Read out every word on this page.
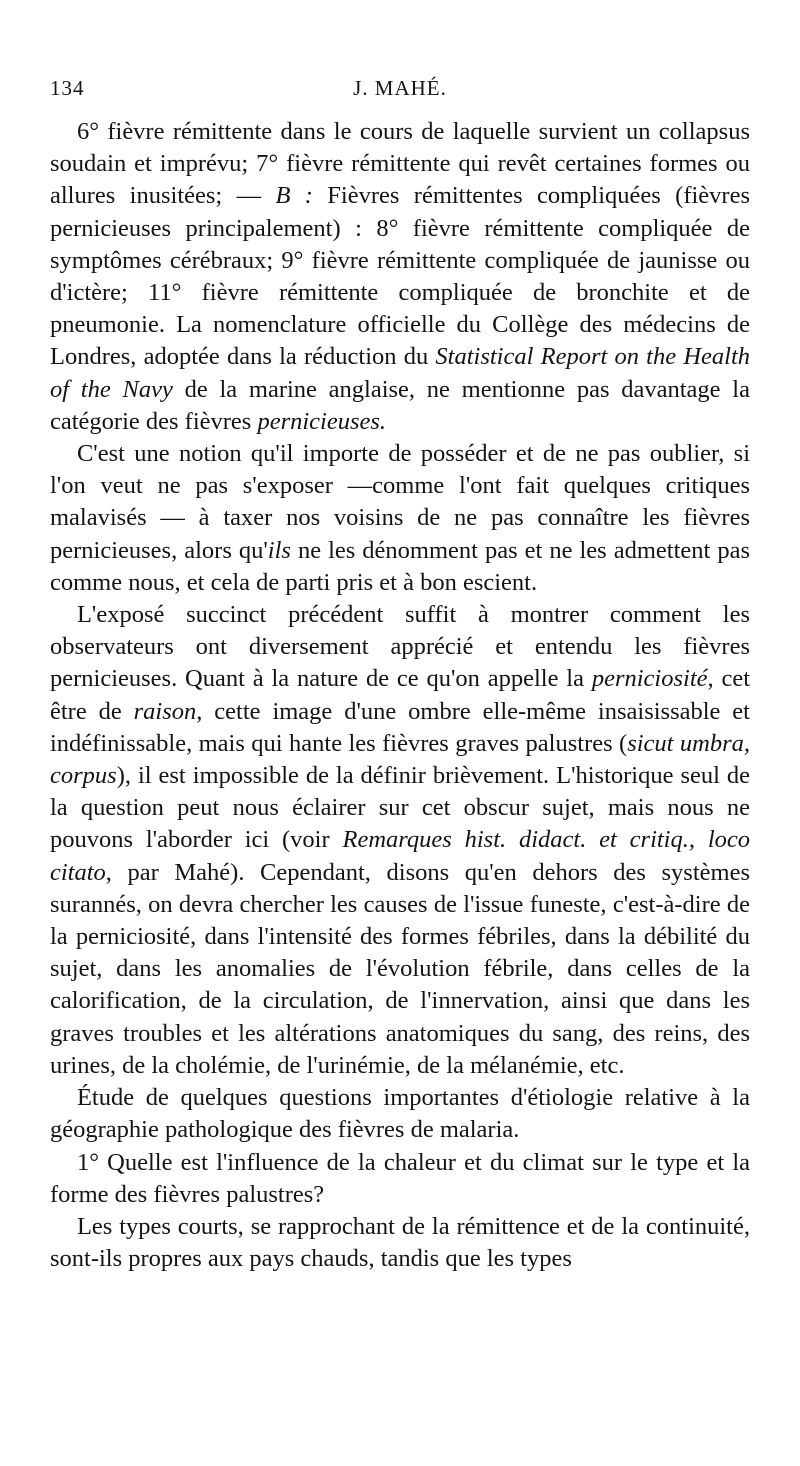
134	J. MAHÉ.

6° fièvre rémittente dans le cours de laquelle survient un collapsus soudain et imprévu; 7° fièvre rémittente qui revêt certaines formes ou allures inusitées; — B : Fièvres rémittentes compliquées (fièvres pernicieuses principalement) : 8° fièvre rémittente compliquée de symptômes cérébraux; 9° fièvre rémittente compliquée de jaunisse ou d'ictère; 11° fièvre rémittente compliquée de bronchite et de pneumonie. La nomenclature officielle du Collège des médecins de Londres, adoptée dans la réduction du Statistical Report on the Health of the Navy de la marine anglaise, ne mentionne pas davantage la catégorie des fièvres pernicieuses.

C'est une notion qu'il importe de posséder et de ne pas oublier, si l'on veut ne pas s'exposer —comme l'ont fait quelques critiques malavisés — à taxer nos voisins de ne pas connaître les fièvres pernicieuses, alors qu'ils ne les dénomment pas et ne les admettent pas comme nous, et cela de parti pris et à bon escient.

L'exposé succinct précédent suffit à montrer comment les observateurs ont diversement apprécié et entendu les fièvres pernicieuses. Quant à la nature de ce qu'on appelle la perniciosité, cet être de raison, cette image d'une ombre elle-même insaisissable et indéfinissable, mais qui hante les fièvres graves palustres (sicut umbra, corpus), il est impossible de la définir brièvement. L'historique seul de la question peut nous éclairer sur cet obscur sujet, mais nous ne pouvons l'aborder ici (voir Remarques hist. didact. et critiq., loco citato, par Mahé). Cependant, disons qu'en dehors des systèmes surannés, on devra chercher les causes de l'issue funeste, c'est-à-dire de la perniciosité, dans l'intensité des formes fébriles, dans la débilité du sujet, dans les anomalies de l'évolution fébrile, dans celles de la calorification, de la circulation, de l'innervation, ainsi que dans les graves troubles et les altérations anatomiques du sang, des reins, des urines, de la cholémie, de l'urinémie, de la mélanémie, etc.

Étude de quelques questions importantes d'étiologie relative à la géographie pathologique des fièvres de malaria.

1° Quelle est l'influence de la chaleur et du climat sur le type et la forme des fièvres palustres?

Les types courts, se rapprochant de la rémittence et de la continuité, sont-ils propres aux pays chauds, tandis que les types
